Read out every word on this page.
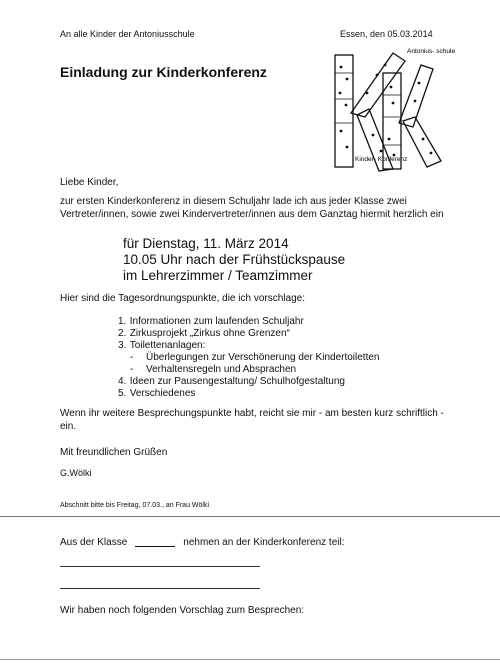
An alle Kinder der Antoniusschule	Essen, den 05.03.2014
Einladung zur Kinderkonferenz
Antonius- schule
Kinder- Konferenz
Liebe Kinder,
zur ersten Kinderkonferenz in diesem Schuljahr lade ich aus jeder Klasse zwei Vertreter/innen, sowie zwei Kindervertreter/innen aus dem Ganztag hiermit herzlich ein
für Dienstag, 11. März 2014
10.05 Uhr nach der Frühstückspause
im Lehrerzimmer / Teamzimmer
Hier sind die Tagesordnungspunkte, die ich vorschlage:
1.
Informationen zum laufenden Schuljahr
2.
Zirkusprojekt „Zirkus ohne Grenzen“
3.
Toilettenanlagen:
-	Überlegungen zur Verschönerung der Kindertoiletten
-	Verhaltensregeln und Absprachen
4.
Ideen zur Pausengestaltung/ Schulhofgestaltung
5.
Verschiedenes
Wenn ihr weitere Besprechungspunkte habt, reicht sie mir - am besten kurz schriftlich - ein.
Mit freundlichen Grüßen
G.Wölki
Abschnitt bitte bis Freitag, 07.03., an Frau Wölki
Aus der Klasse	nehmen an der Kinderkonferenz teil:
Wir haben noch folgenden Vorschlag zum Besprechen:
